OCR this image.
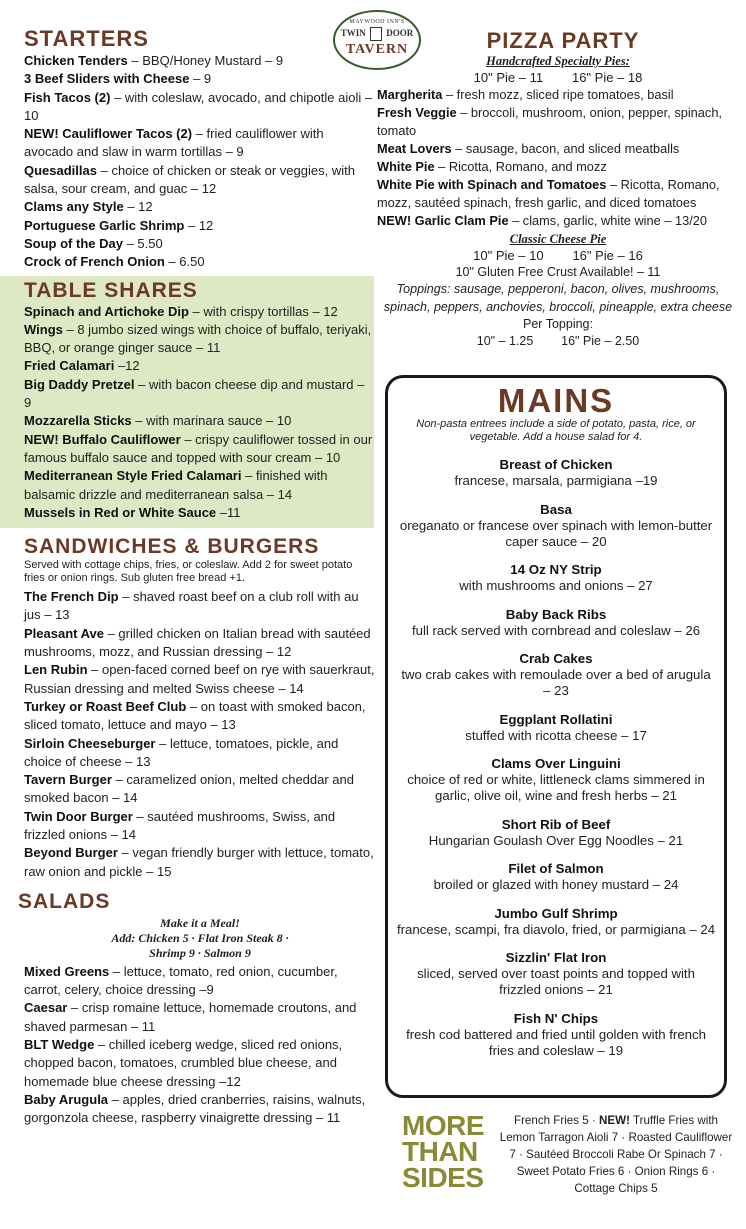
STARTERS
Chicken Tenders – BBQ/Honey Mustard – 9
3 Beef Sliders with Cheese – 9
Fish Tacos (2) – with coleslaw, avocado, and chipotle aioli – 10
NEW! Cauliflower Tacos (2) – fried cauliflower with avocado and slaw in warm tortillas – 9
Quesadillas – choice of chicken or steak or veggies, with salsa, sour cream, and guac – 12
Clams any Style – 12
Portuguese Garlic Shrimp – 12
Soup of the Day – 5.50
Crock of French Onion – 6.50
TABLE SHARES
Spinach and Artichoke Dip – with crispy tortillas – 12
Wings – 8 jumbo sized wings with choice of buffalo, teriyaki, BBQ, or orange ginger sauce – 11
Fried Calamari –12
Big Daddy Pretzel – with bacon cheese dip and mustard – 9
Mozzarella Sticks – with marinara sauce – 10
NEW! Buffalo Cauliflower – crispy cauliflower tossed in our famous buffalo sauce and topped with sour cream – 10
Mediterranean Style Fried Calamari – finished with balsamic drizzle and mediterranean salsa – 14
Mussels in Red or White Sauce –11
SANDWICHES & BURGERS
Served with cottage chips, fries, or coleslaw. Add 2 for sweet potato fries or onion rings. Sub gluten free bread +1.
The French Dip – shaved roast beef on a club roll with au jus – 13
Pleasant Ave – grilled chicken on Italian bread with sautéed mushrooms, mozz, and Russian dressing – 12
Len Rubin – open-faced corned beef on rye with sauerkraut, Russian dressing and melted Swiss cheese – 14
Turkey or Roast Beef Club – on toast with smoked bacon, sliced tomato, lettuce and mayo – 13
Sirloin Cheeseburger – lettuce, tomatoes, pickle, and choice of cheese – 13
Tavern Burger – caramelized onion, melted cheddar and smoked bacon – 14
Twin Door Burger – sautéed mushrooms, Swiss, and frizzled onions – 14
Beyond Burger – vegan friendly burger with lettuce, tomato, raw onion and pickle – 15
SALADS
Make it a Meal!
Add: Chicken 5 · Flat Iron Steak 8 ·
Shrimp 9 · Salmon 9
Mixed Greens – lettuce, tomato, red onion, cucumber, carrot, celery, choice dressing –9
Caesar – crisp romaine lettuce, homemade croutons, and shaved parmesan – 11
BLT Wedge – chilled iceberg wedge, sliced red onions, chopped bacon, tomatoes, crumbled blue cheese, and homemade blue cheese dressing –12
Baby Arugula – apples, dried cranberries, raisins, walnuts, gorgonzola cheese, raspberry vinaigrette dressing – 11
MAYWOOD INN'S
TWIN DOOR
TAVERN	PIZZA PARTY
Handcrafted Specialty Pies:
10" Pie – 11        16" Pie – 18
Margherita – fresh mozz, sliced ripe tomatoes, basil
Fresh Veggie – broccoli, mushroom, onion, pepper, spinach, tomato
Meat Lovers – sausage, bacon, and sliced meatballs
White Pie – Ricotta, Romano, and mozz
White Pie with Spinach and Tomatoes – Ricotta, Romano, mozz, sautéed spinach, fresh garlic, and diced tomatoes
NEW! Garlic Clam Pie – clams, garlic, white wine – 13/20
Classic Cheese Pie
10" Pie – 10        16" Pie – 16
10" Gluten Free Crust Available! – 11
Toppings: sausage, pepperoni, bacon, olives, mushrooms, spinach, peppers, anchovies, broccoli, pineapple, extra cheese
Per Topping:
10" – 1.25        16" Pie – 2.50
MAINS
Non-pasta entrees include a side of potato, pasta, rice, or vegetable. Add a house salad for 4.
Breast of Chicken
francese, marsala, parmigiana –19
Basa
oreganato or francese over spinach with lemon-butter caper sauce – 20
14 Oz NY Strip
with mushrooms and onions – 27
Baby Back Ribs
full rack served with cornbread and coleslaw – 26
Crab Cakes
two crab cakes with remoulade over a bed of arugula – 23
Eggplant Rollatini
stuffed with ricotta cheese – 17
Clams Over Linguini
choice of red or white, littleneck clams simmered in garlic, olive oil, wine and fresh herbs – 21
Short Rib of Beef
Hungarian Goulash Over Egg Noodles – 21
Filet of Salmon
broiled or glazed with honey mustard – 24
Jumbo Gulf Shrimp
francese, scampi, fra diavolo, fried, or parmigiana – 24
Sizzlin' Flat Iron
sliced, served over toast points and topped with frizzled onions – 21
Fish N' Chips
fresh cod battered and fried until golden with french fries and coleslaw – 19
MORE
THAN
SIDES
French Fries 5 · NEW! Truffle Fries with Lemon Tarragon Aioli 7 · Roasted Cauliflower 7 · Sautéed Broccoli Rabe Or Spinach 7 · Sweet Potato Fries 6 · Onion Rings 6 · Cottage Chips 5
